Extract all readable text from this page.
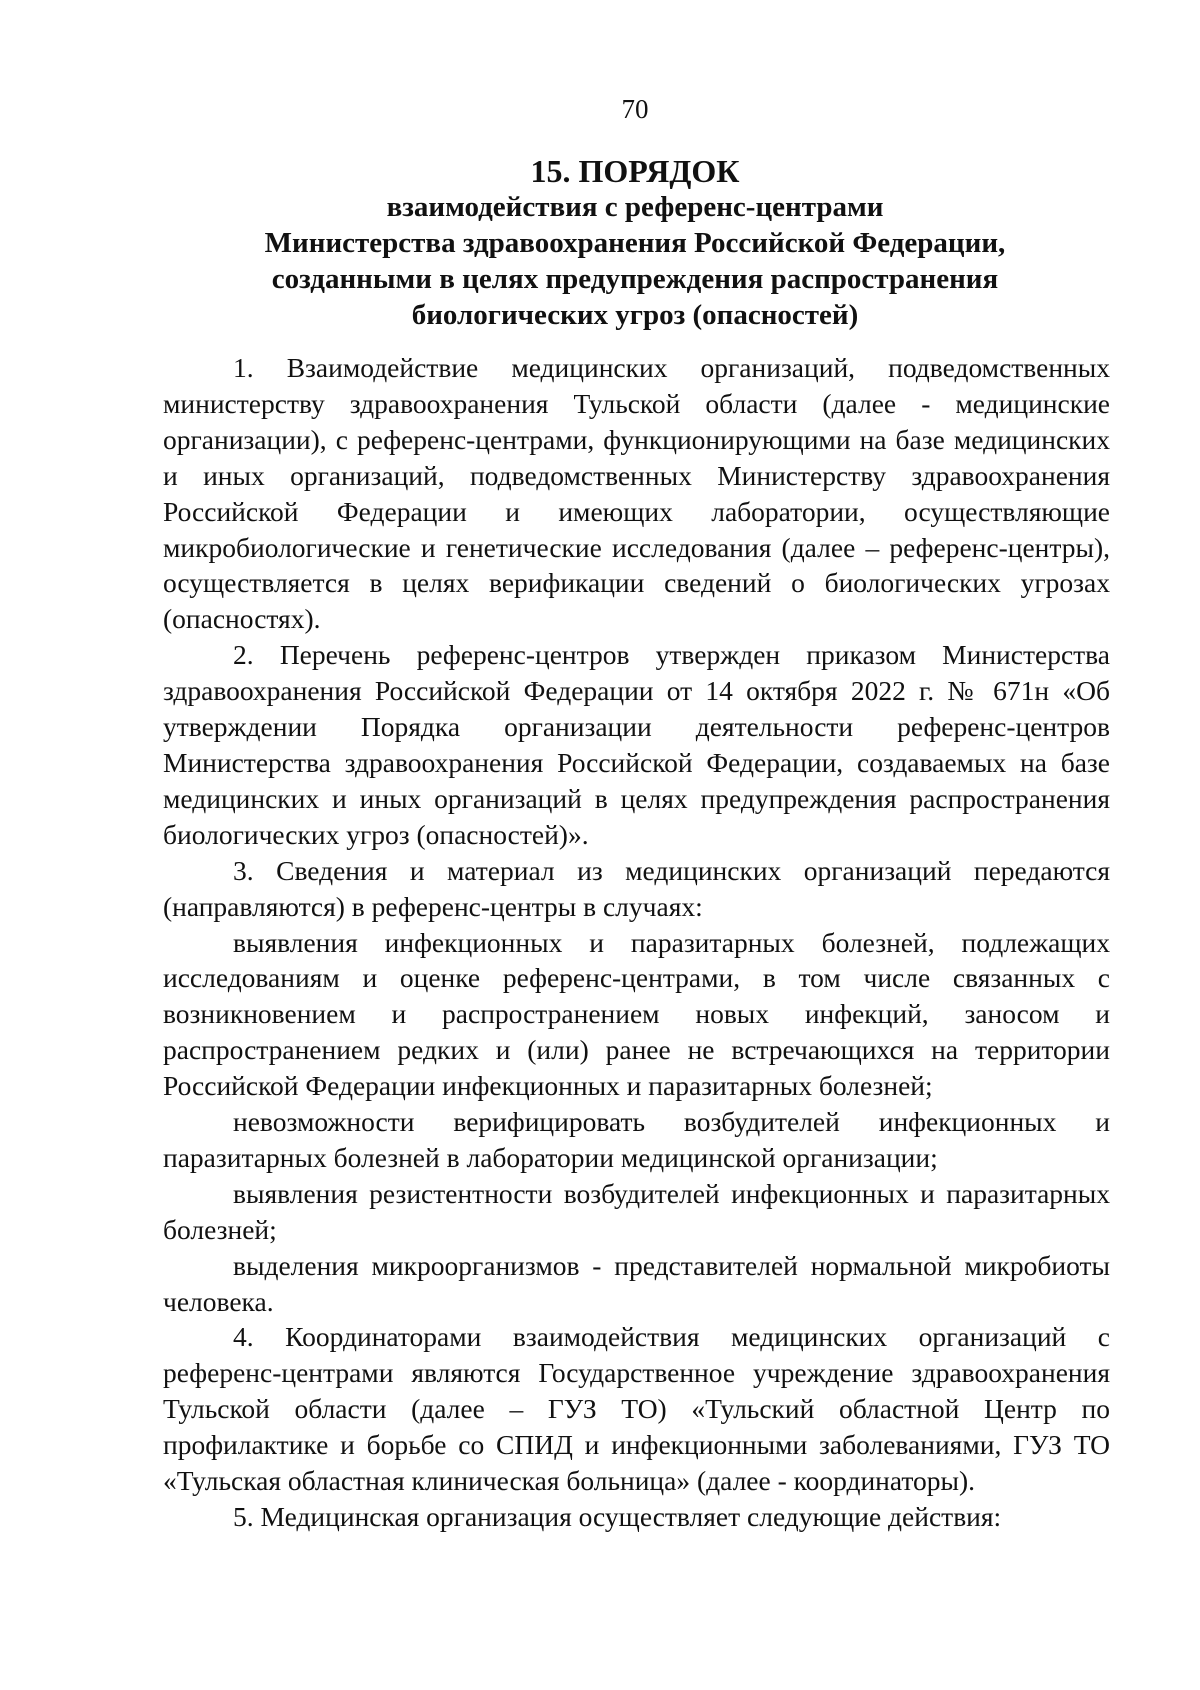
70
15. ПОРЯДОК
взаимодействия с референс-центрами
Министерства здравоохранения Российской Федерации,
созданными в целях предупреждения распространения
биологических угроз (опасностей)

1. Взаимодействие медицинских организаций, подведомственных министерству здравоохранения Тульской области (далее - медицинские организации), с референс-центрами, функционирующими на базе медицинских и иных организаций, подведомственных Министерству здравоохранения Российской Федерации и имеющих лаборатории, осуществляющие микробиологические и генетические исследования (далее – референс-центры), осуществляется в целях верификации сведений о биологических угрозах (опасностях).

2. Перечень референс-центров утвержден приказом Министерства здравоохранения Российской Федерации от 14 октября 2022 г. № 671н «Об утверждении Порядка организации деятельности референс-центров Министерства здравоохранения Российской Федерации, создаваемых на базе медицинских и иных организаций в целях предупреждения распространения биологических угроз (опасностей)».

3. Сведения и материал из медицинских организаций передаются (направляются) в референс-центры в случаях:

выявления инфекционных и паразитарных болезней, подлежащих исследованиям и оценке референс-центрами, в том числе связанных с возникновением и распространением новых инфекций, заносом и распространением редких и (или) ранее не встречающихся на территории Российской Федерации инфекционных и паразитарных болезней;

невозможности верифицировать возбудителей инфекционных и паразитарных болезней в лаборатории медицинской организации;

выявления резистентности возбудителей инфекционных и паразитарных болезней;

выделения микроорганизмов - представителей нормальной микробиоты человека.

4. Координаторами взаимодействия медицинских организаций с референс-центрами являются Государственное учреждение здравоохранения Тульской области (далее – ГУЗ ТО) «Тульский областной Центр по профилактике и борьбе со СПИД и инфекционными заболеваниями, ГУЗ ТО «Тульская областная клиническая больница» (далее - координаторы).

5. Медицинская организация осуществляет следующие действия:
